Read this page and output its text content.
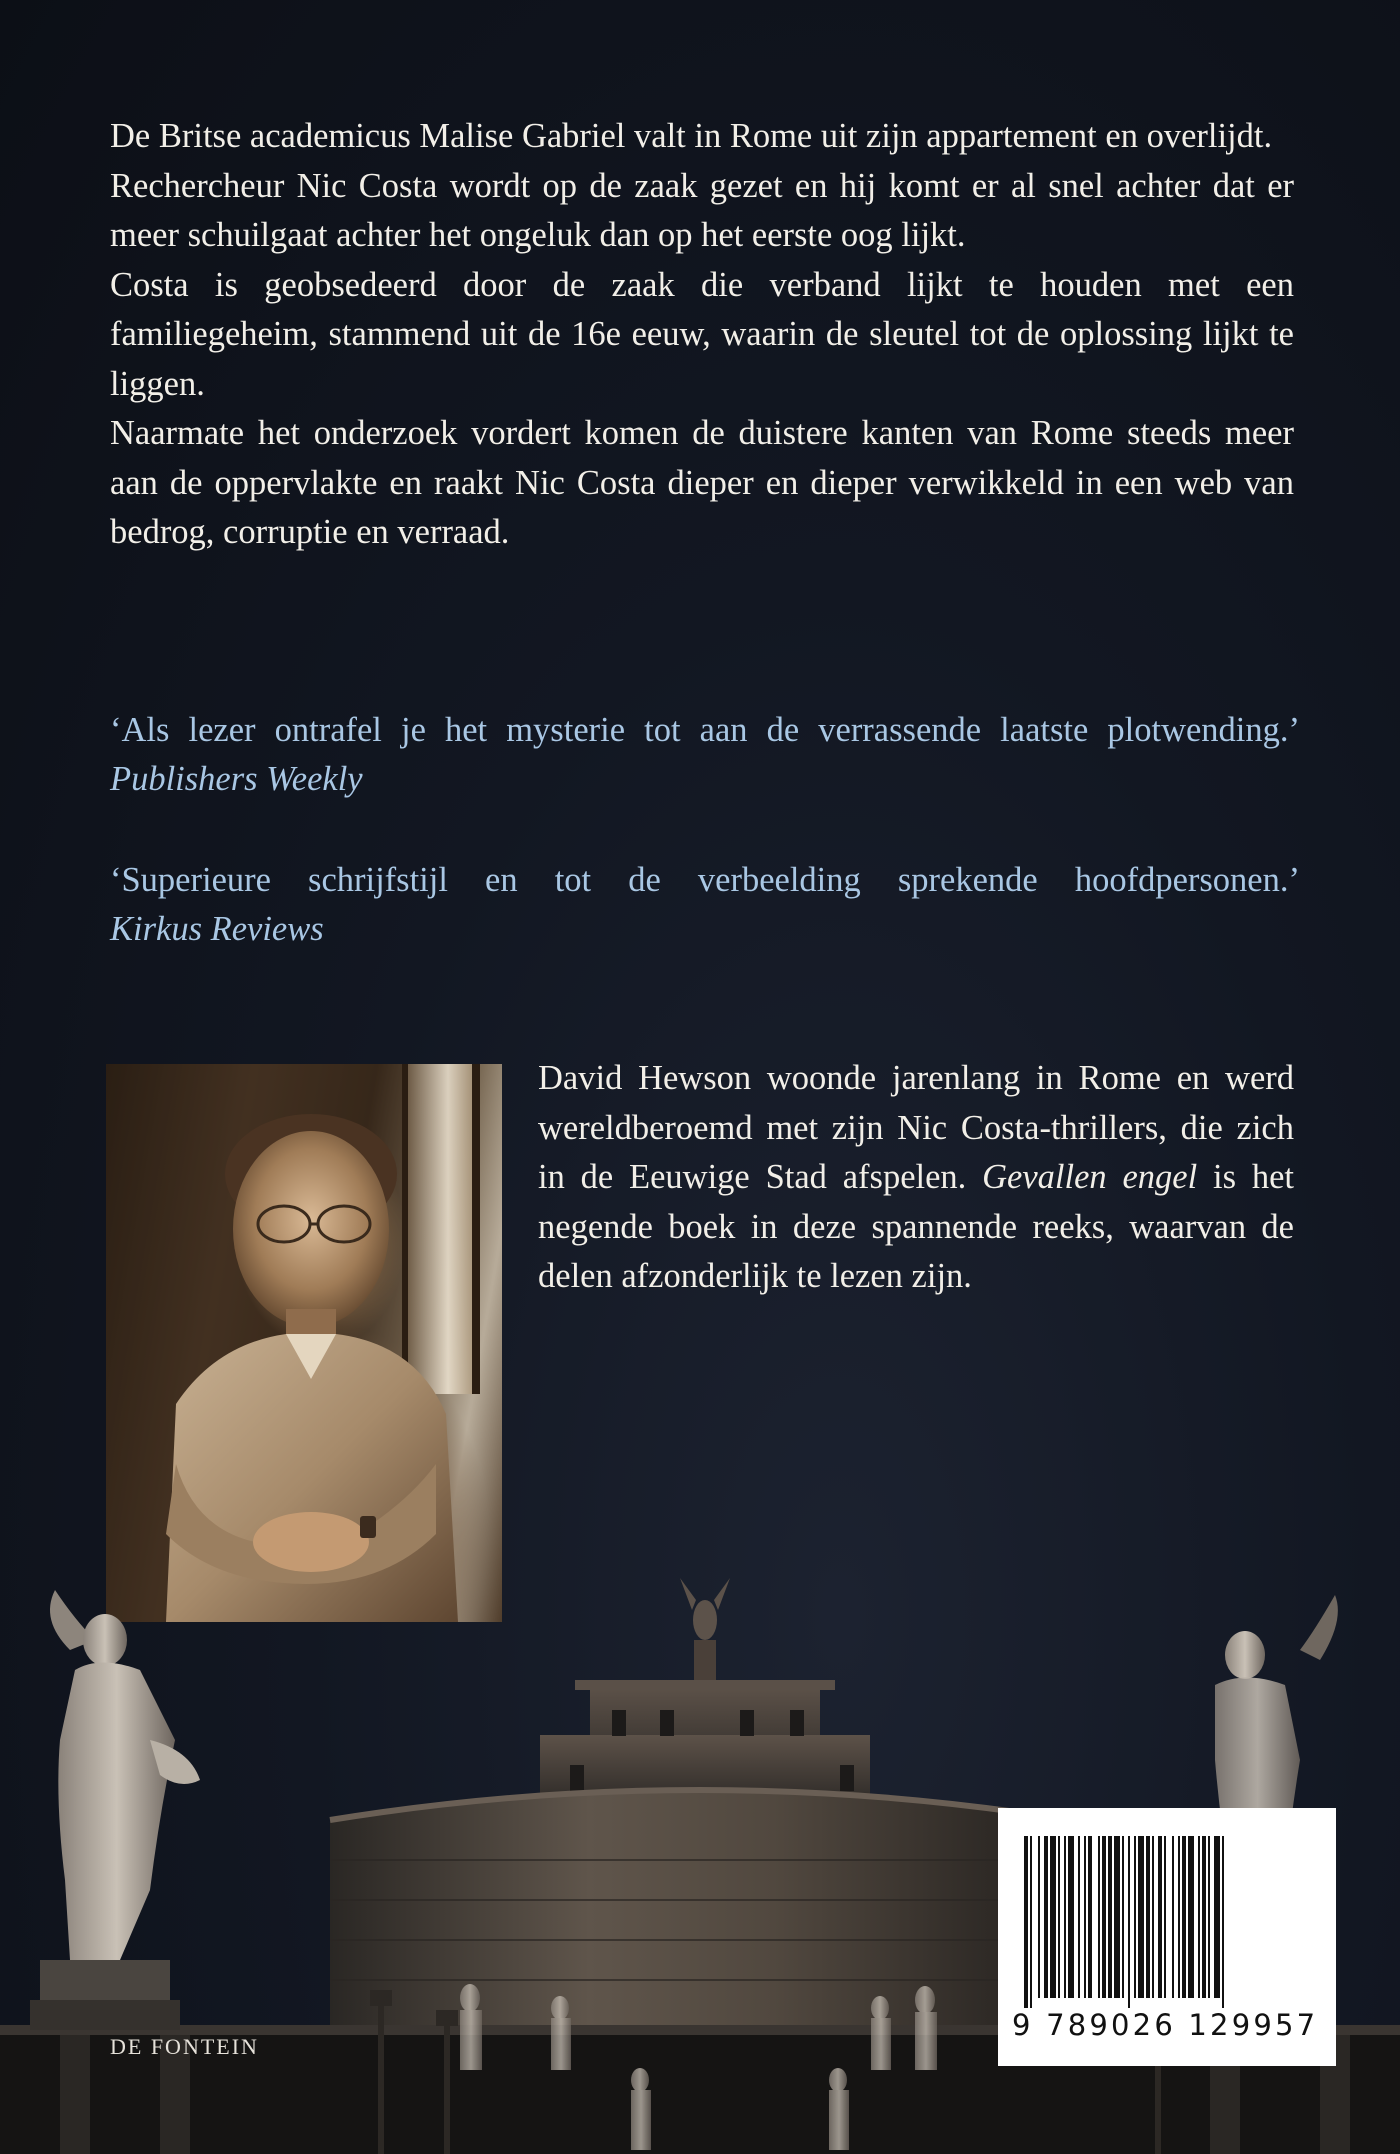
De Britse academicus Malise Gabriel valt in Rome uit zijn appartement en overlijdt.

Rechercheur Nic Costa wordt op de zaak gezet en hij komt er al snel achter dat er meer schuilgaat achter het ongeluk dan op het eerste oog lijkt.

Costa is geobsedeerd door de zaak die verband lijkt te houden met een familiegeheim, stammend uit de 16e eeuw, waarin de sleutel tot de oplossing lijkt te liggen.

Naarmate het onderzoek vordert komen de duistere kanten van Rome steeds meer aan de oppervlakte en raakt Nic Costa dieper en dieper verwikkeld in een web van bedrog, corruptie en verraad.

‘Als lezer ontrafel je het mysterie tot aan de verrassende laatste plotwending.’
Publishers Weekly
‘Superieure schrijfstijl en tot de verbeelding sprekende hoofdpersonen.’
Kirkus Reviews
David Hewson woonde jarenlang in Rome en werd wereldberoemd met zijn Nic Costa-thrillers, die zich in de Eeuwige Stad afspelen. Gevallen engel is het negende boek in deze spannende reeks, waarvan de delen afzonderlijk te lezen zijn.
DE FONTEIN
9 789026 129957
